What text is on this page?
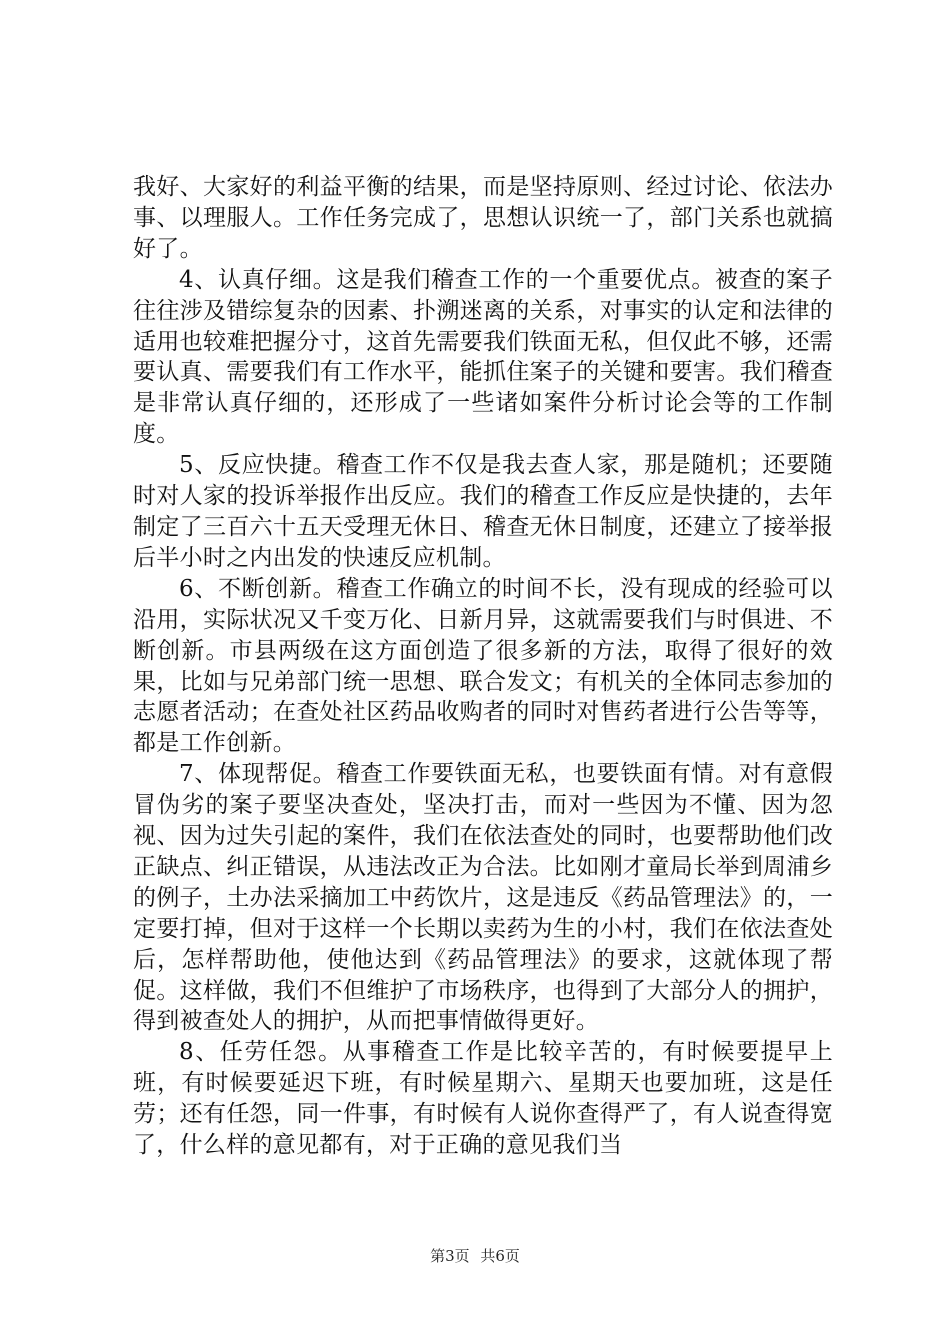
我好、大家好的利益平衡的结果，而是坚持原则、经过讨论、依法办事、以理服人。工作任务完成了，思想认识统一了，部门关系也就搞好了。

4、认真仔细。这是我们稽查工作的一个重要优点。被查的案子往往涉及错综复杂的因素、扑溯迷离的关系，对事实的认定和法律的适用也较难把握分寸，这首先需要我们铁面无私，但仅此不够，还需要认真、需要我们有工作水平，能抓住案子的关键和要害。我们稽查是非常认真仔细的，还形成了一些诸如案件分析讨论会等的工作制度。

5、反应快捷。稽查工作不仅是我去查人家，那是随机；还要随时对人家的投诉举报作出反应。我们的稽查工作反应是快捷的，去年制定了三百六十五天受理无休日、稽查无休日制度，还建立了接举报后半小时之内出发的快速反应机制。

6、不断创新。稽查工作确立的时间不长，没有现成的经验可以沿用，实际状况又千变万化、日新月异，这就需要我们与时俱进、不断创新。市县两级在这方面创造了很多新的方法，取得了很好的效果，比如与兄弟部门统一思想、联合发文；有机关的全体同志参加的志愿者活动；在查处社区药品收购者的同时对售药者进行公告等等，都是工作创新。

7、体现帮促。稽查工作要铁面无私，也要铁面有情。对有意假冒伪劣的案子要坚决查处，坚决打击，而对一些因为不懂、因为忽视、因为过失引起的案件，我们在依法查处的同时，也要帮助他们改正缺点、纠正错误，从违法改正为合法。比如刚才童局长举到周浦乡的例子，土办法采摘加工中药饮片，这是违反《药品管理法》的，一定要打掉，但对于这样一个长期以卖药为生的小村，我们在依法查处后，怎样帮助他，使他达到《药品管理法》的要求，这就体现了帮促。这样做，我们不但维护了市场秩序，也得到了大部分人的拥护，得到被查处人的拥护，从而把事情做得更好。

8、任劳任怨。从事稽查工作是比较辛苦的，有时候要提早上班，有时候要延迟下班，有时候星期六、星期天也要加班，这是任劳；还有任怨，同一件事，有时候有人说你查得严了，有人说查得宽了，什么样的意见都有，对于正确的意见我们当

第3页 共6页
